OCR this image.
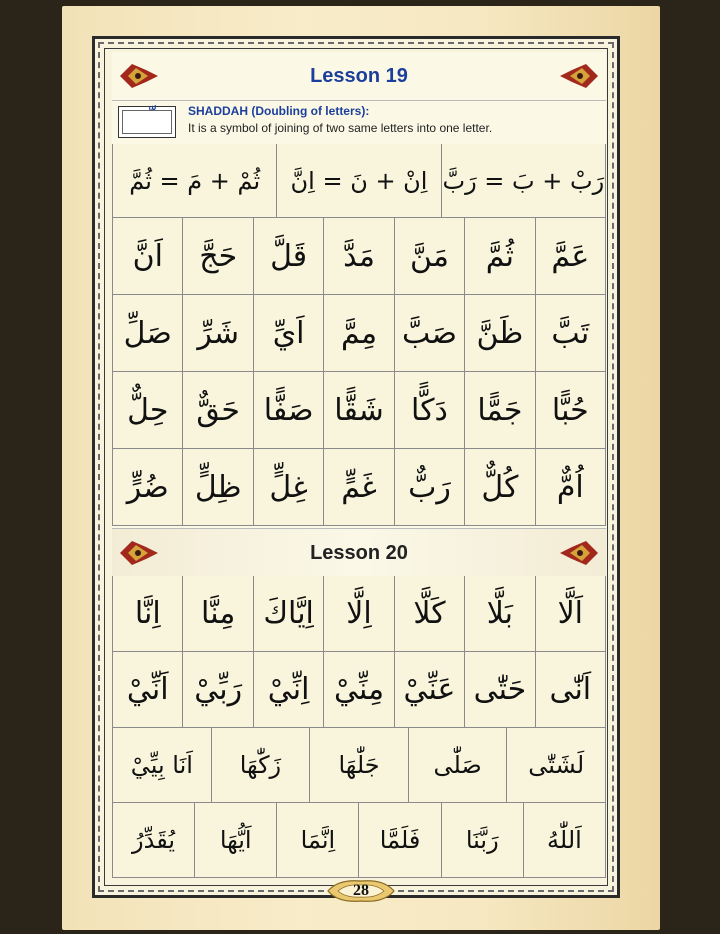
Lesson 19
SHADDAH (Doubling of letters):
It is a symbol of joining of two same letters into one letter.
رَبْ + بَ = رَبَّ
اِنْ + نَ = اِنَّ
ثُمْ + مَ = ثُمَّ
عَمَّ
ثُمَّ
مَنَّ
مَدَّ
قَلَّ
حَجَّ
اَنَّ
تَبَّ
ظَنَّ
صَبَّ
مِمَّ
اَيِّ
شَرِّ
صَلِّ
حُبًّا
جَمًّا
دَكًّا
شَقًّا
صَفًّا
حَقٌّ
حِلٌّ
اُمٌّ
كُلٌّ
رَبٌّ
غَمٍّ
غِلٍّ
ظِلٍّ
ضُرٍّ
Lesson 20
اَلَّا
بَلَّا
كَلَّا
اِلَّا
اِيَّاكَ
مِنَّا
اِنَّا
اَنّٰى
حَتّٰى
عَنِّيْ
مِنِّيْ
اِنِّيْ
رَبِّيْ
اَنِّيْ
لَشَتّٰى
صَلّٰى
جَلّٰهَا
زَكّٰهَا
اَنَا بِيِّيْ
اَللّٰهُ
رَبَّنَا
فَلَمَّا
اِنَّمَا
اَيُّهَا
يُقَدِّرُ
28
